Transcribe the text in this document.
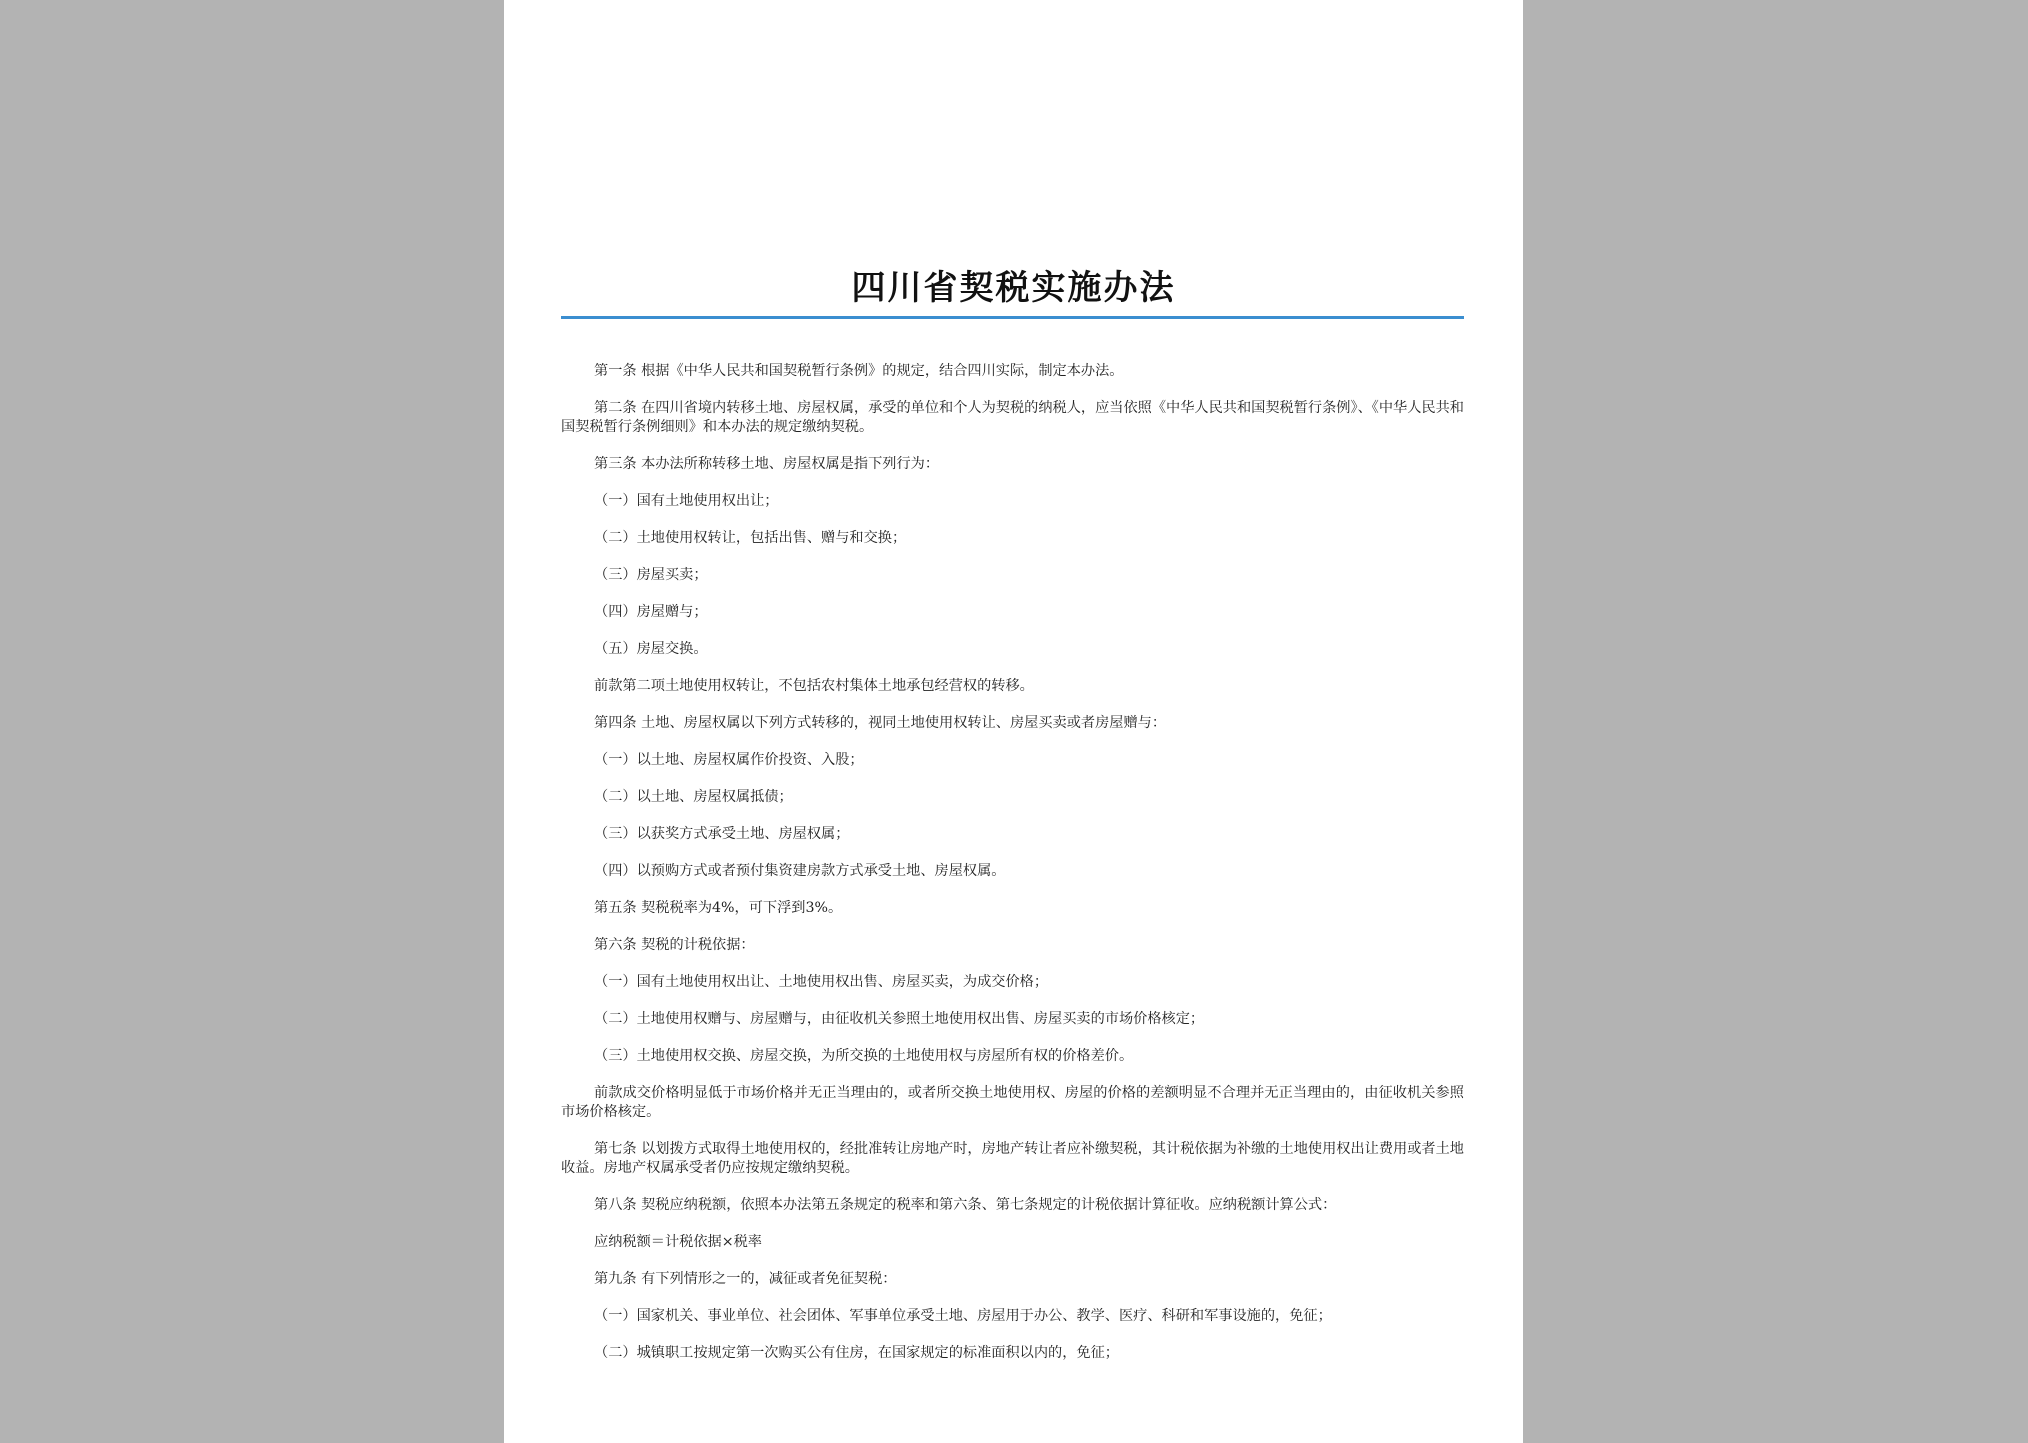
四川省契税实施办法

第一条 根据《中华人民共和国契税暂行条例》的规定，结合四川实际，制定本办法。

第二条 在四川省境内转移土地、房屋权属，承受的单位和个人为契税的纳税人，应当依照《中华人民共和国契税暂行条例》、《中华人民共和国契税暂行条例细则》和本办法的规定缴纳契税。

第三条 本办法所称转移土地、房屋权属是指下列行为：

（一）国有土地使用权出让；

（二）土地使用权转让，包括出售、赠与和交换；

（三）房屋买卖；

（四）房屋赠与；

（五）房屋交换。

前款第二项土地使用权转让，不包括农村集体土地承包经营权的转移。

第四条 土地、房屋权属以下列方式转移的，视同土地使用权转让、房屋买卖或者房屋赠与：

（一）以土地、房屋权属作价投资、入股；

（二）以土地、房屋权属抵债；

（三）以获奖方式承受土地、房屋权属；

（四）以预购方式或者预付集资建房款方式承受土地、房屋权属。

第五条 契税税率为4%，可下浮到3%。

第六条 契税的计税依据：

（一）国有土地使用权出让、土地使用权出售、房屋买卖，为成交价格；

（二）土地使用权赠与、房屋赠与，由征收机关参照土地使用权出售、房屋买卖的市场价格核定；

（三）土地使用权交换、房屋交换，为所交换的土地使用权与房屋所有权的价格差价。

前款成交价格明显低于市场价格并无正当理由的，或者所交换土地使用权、房屋的价格的差额明显不合理并无正当理由的，由征收机关参照市场价格核定。

第七条 以划拨方式取得土地使用权的，经批准转让房地产时，房地产转让者应补缴契税，其计税依据为补缴的土地使用权出让费用或者土地收益。房地产权属承受者仍应按规定缴纳契税。

第八条 契税应纳税额，依照本办法第五条规定的税率和第六条、第七条规定的计税依据计算征收。应纳税额计算公式：

应纳税额＝计税依据×税率

第九条 有下列情形之一的，减征或者免征契税：

（一）国家机关、事业单位、社会团体、军事单位承受土地、房屋用于办公、教学、医疗、科研和军事设施的，免征；

（二）城镇职工按规定第一次购买公有住房，在国家规定的标准面积以内的，免征；
